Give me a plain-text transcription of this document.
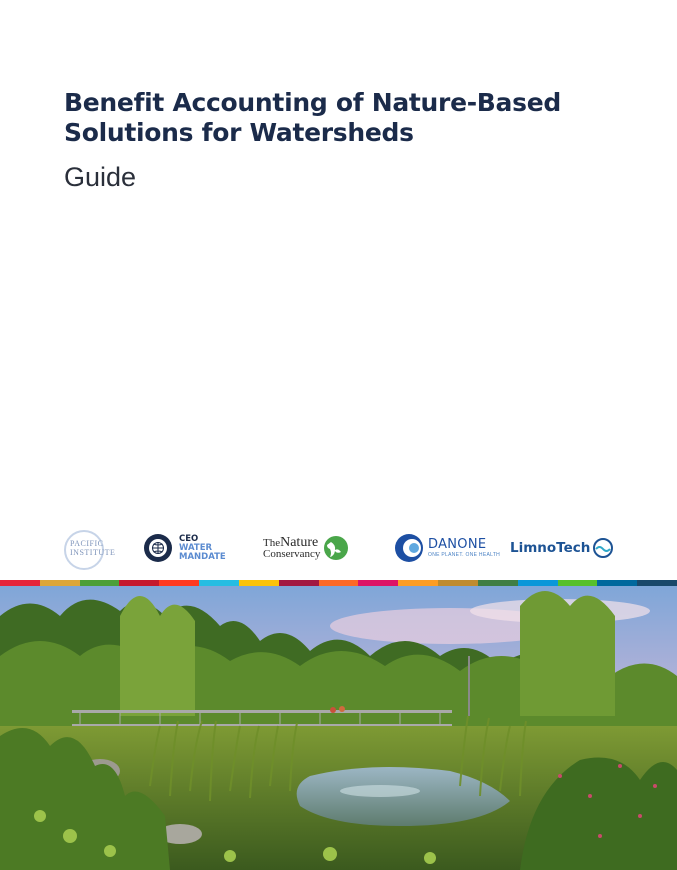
Benefit Accounting of Nature-Based Solutions for Watersheds
Guide
PACIFIC
INSTITUTE
CEO
WATER
MANDATE
TheNature
Conservancy
DANONE
ONE PLANET. ONE HEALTH LimnoTech
